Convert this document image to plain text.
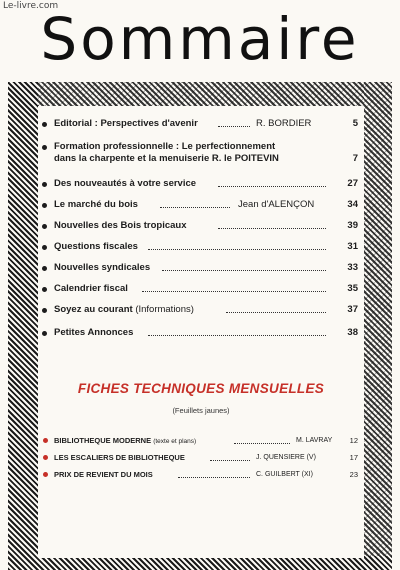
Le-livre.com
Sommaire
Editorial : Perspectives d'avenir	R. BORDIER	5
Formation professionnelle : Le perfectionnement
dans la charpente et la menuiserie R. le POITEVIN	7
Des nouveautés à votre service	27
Le marché du bois	Jean d'ALENÇON	34
Nouvelles des Bois tropicaux	39
Questions fiscales	31
Nouvelles syndicales	33
Calendrier fiscal	35
Soyez au courant (Informations)	37
Petites Annonces	38
FICHES TECHNIQUES MENSUELLES
(Feuillets jaunes)
BIBLIOTHEQUE MODERNE (texte et plans)	M. LAVRAY 12
LES ESCALIERS DE BIBLIOTHEQUE	J. QUENSIERE (V)	17
PRIX DE REVIENT DU MOIS	C. GUILBERT (XI)	23
